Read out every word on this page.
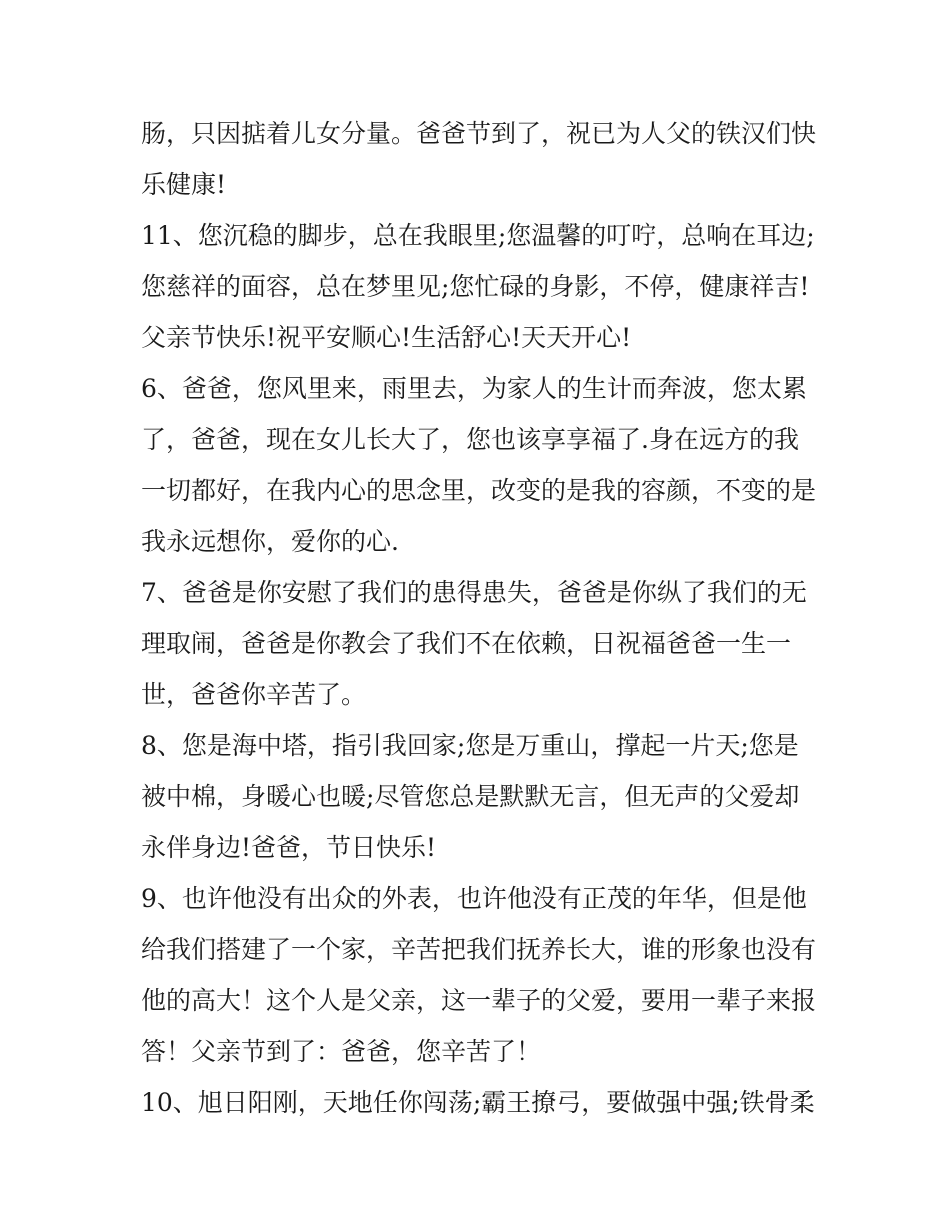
肠，只因掂着儿女分量。爸爸节到了，祝已为人父的铁汉们快
乐健康!
11、您沉稳的脚步，总在我眼里;您温馨的叮咛，总响在耳边;
您慈祥的面容，总在梦里见;您忙碌的身影，不停，健康祥吉!
父亲节快乐!祝平安顺心!生活舒心!天天开心!
6、爸爸，您风里来，雨里去，为家人的生计而奔波，您太累
了，爸爸，现在女儿长大了，您也该享享福了.身在远方的我
一切都好，在我内心的思念里，改变的是我的容颜，不变的是
我永远想你，爱你的心.
7、爸爸是你安慰了我们的患得患失，爸爸是你纵了我们的无
理取闹，爸爸是你教会了我们不在依赖，日祝福爸爸一生一
世，爸爸你辛苦了。
8、您是海中塔，指引我回家;您是万重山，撑起一片天;您是
被中棉，身暖心也暖;尽管您总是默默无言，但无声的父爱却
永伴身边!爸爸，节日快乐!
9、也许他没有出众的外表，也许他没有正茂的年华，但是他
给我们搭建了一个家，辛苦把我们抚养长大，谁的形象也没有
他的高大！这个人是父亲，这一辈子的父爱，要用一辈子来报
答！父亲节到了：爸爸，您辛苦了！
10、旭日阳刚，天地任你闯荡;霸王撩弓，要做强中强;铁骨柔
